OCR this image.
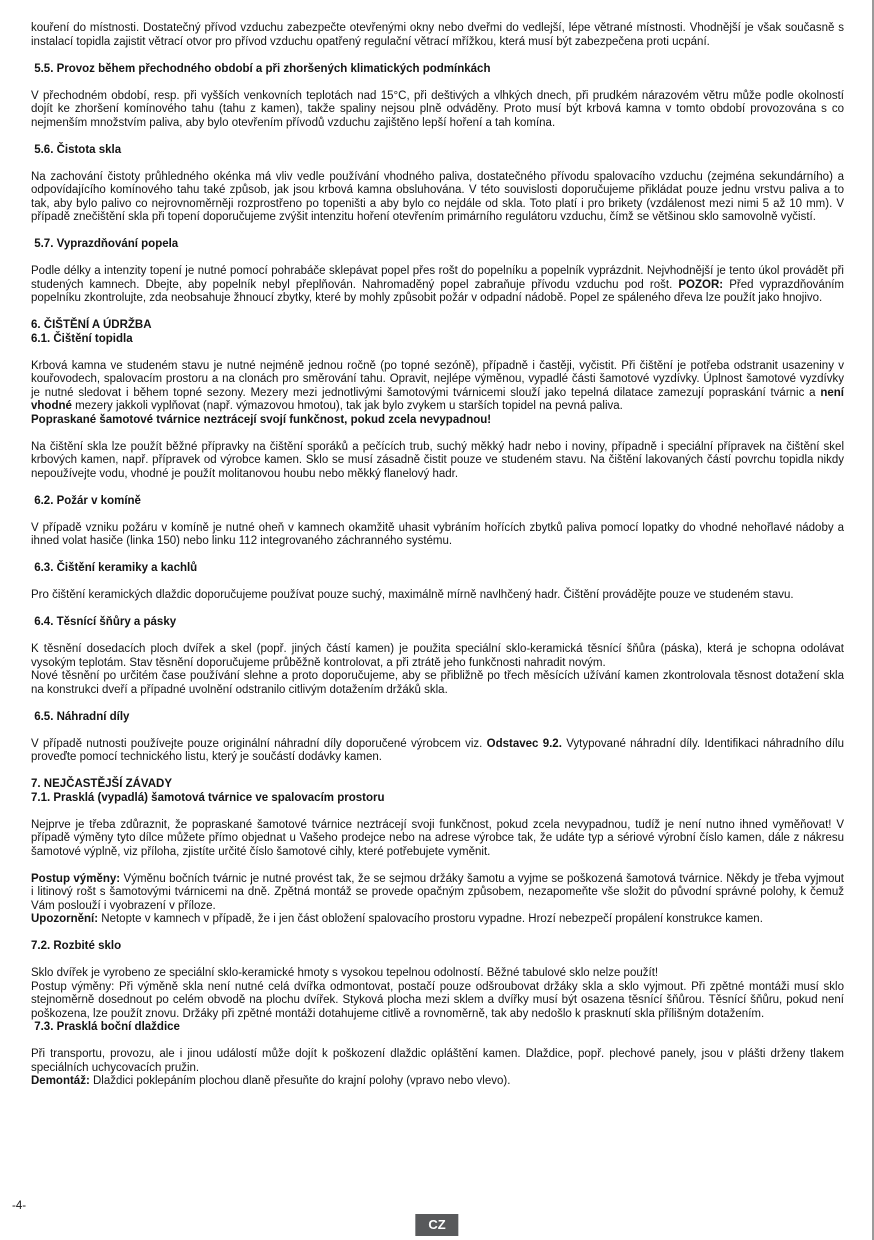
kouření do místnosti. Dostatečný přívod vzduchu zabezpečte otevřenými okny nebo dveřmi do vedlejší, lépe větrané místnosti. Vhodnější je však současně s instalací topidla zajistit větrací otvor pro přívod vzduchu opatřený regulační větrací mřížkou, která musí být zabezpečena proti ucpání.

5.5. Provoz během přechodného období a při zhoršených klimatických podmínkách

V přechodném období, resp. při vyšších venkovních teplotách nad 15°C, při deštivých a vlhkých dnech, při prudkém nárazovém větru může podle okolností dojít ke zhoršení komínového tahu (tahu z kamen), takže spaliny nejsou plně odváděny. Proto musí být krbová kamna v tomto období provozována s co nejmenším množstvím paliva, aby bylo otevřením přívodů vzduchu zajištěno lepší hoření a tah komína.

5.6. Čistota skla

Na zachování čistoty průhledného okénka má vliv vedle používání vhodného paliva, dostatečného přívodu spalovacího vzduchu (zejména sekundárního) a odpovídajícího komínového tahu také způsob, jak jsou krbová kamna obsluhována. V této souvislosti doporučujeme přikládat pouze jednu vrstvu paliva a to tak, aby bylo palivo co nejrovnoměrněji rozprostřeno po topeništi a aby bylo co nejdále od skla. Toto platí i pro brikety (vzdálenost mezi nimi 5 až 10 mm). V případě znečištění skla při topení doporučujeme zvýšit intenzitu hoření otevřením primárního regulátoru vzduchu, čímž se většinou sklo samovolně vyčistí.

5.7. Vyprazdňování popela

Podle délky a intenzity topení je nutné pomocí pohrabáče sklepávat popel přes rošt do popelníku a popelník vyprázdnit. Nejvhodnější je tento úkol provádět při studených kamnech. Dbejte, aby popelník nebyl přeplňován. Nahromaděný popel zabraňuje přívodu vzduchu pod rošt. POZOR: Před vyprazdňováním popelníku zkontrolujte, zda neobsahuje žhnoucí zbytky, které by mohly způsobit požár v odpadní nádobě. Popel ze spáleného dřeva lze použít jako hnojivo.

6. ČIŠTĚNÍ A ÚDRŽBA
6.1. Čištění topidla

Krbová kamna ve studeném stavu je nutné nejméně jednou ročně (po topné sezóně), případně i častěji, vyčistit. Při čištění je potřeba odstranit usazeniny v kouřovodech, spalovacím prostoru a na clonách pro směrování tahu. Opravit, nejlépe výměnou, vypadlé části šamotové vyzdívky. Úplnost šamotové vyzdívky je nutné sledovat i během topné sezony. Mezery mezi jednotlivými šamotovými tvárnicemi slouží jako tepelná dilatace zamezují popraskání tvárnic a není vhodné mezery jakkoli vyplňovat (např. výmazovou hmotou), tak jak bylo zvykem u starších topidel na pevná paliva.

Popraskané šamotové tvárnice neztrácejí svojí funkčnost, pokud zcela nevypadnou!

Na čištění skla lze použít běžné přípravky na čištění sporáků a pečících trub, suchý měkký hadr nebo i noviny, případně i speciální přípravek na čištění skel krbových kamen, např. přípravek od výrobce kamen. Sklo se musí zásadně čistit pouze ve studeném stavu. Na čištění lakovaných částí povrchu topidla nikdy nepoužívejte vodu, vhodné je použít molitanovou houbu nebo měkký flanelový hadr.

6.2. Požár v komíně

V případě vzniku požáru v komíně je nutné oheň v kamnech okamžitě uhasit vybráním hořících zbytků paliva pomocí lopatky do vhodné nehořlavé nádoby a ihned volat hasiče (linka 150) nebo linku 112 integrovaného záchranného systému.

6.3. Čištění keramiky a kachlů

Pro čištění keramických dlaždic doporučujeme používat pouze suchý, maximálně mírně navlhčený hadr. Čištění provádějte pouze ve studeném stavu.

6.4. Těsnící šňůry a pásky

K těsnění dosedacích ploch dvířek a skel (popř. jiných částí kamen) je použita speciální sklo-keramická těsnící šňůra (páska), která je schopna odolávat vysokým teplotám. Stav těsnění doporučujeme průběžně kontrolovat, a při ztrátě jeho funkčnosti nahradit novým.

Nové těsnění po určitém čase používání slehne a proto doporučujeme, aby se přibližně po třech měsících užívání kamen zkontrolovala těsnost dotažení skla na konstrukci dveří a případné uvolnění odstranilo citlivým dotažením držáků skla.

6.5. Náhradní díly

V případě nutnosti používejte pouze originální náhradní díly doporučené výrobcem viz. Odstavec 9.2. Vytypované náhradní díly. Identifikaci náhradního dílu proveďte pomocí technického listu, který je součástí dodávky kamen.

7. NEJČASTĚJŠÍ ZÁVADY
7.1. Prasklá (vypadlá) šamotová tvárnice ve spalovacím prostoru

Nejprve je třeba zdůraznit, že popraskané šamotové tvárnice neztrácejí svoji funkčnost, pokud zcela nevypadnou, tudíž je není nutno ihned vyměňovat! V případě výměny tyto dílce můžete přímo objednat u Vašeho prodejce nebo na adrese výrobce tak, že udáte typ a sériové výrobní číslo kamen, dále z nákresu šamotové výplně, viz příloha, zjistíte určité číslo šamotové cihly, které potřebujete vyměnit.

Postup výměny: Výměnu bočních tvárnic je nutné provést tak, že se sejmou držáky šamotu a vyjme se poškozená šamotová tvárnice. Někdy je třeba vyjmout i litinový rošt s šamotovými tvárnicemi na dně. Zpětná montáž se provede opačným způsobem, nezapomeňte vše složit do původní správné polohy, k čemuž Vám poslouží i vyobrazení v příloze.

Upozornění: Netopte v kamnech v případě, že i jen část obložení spalovacího prostoru vypadne. Hrozí nebezpečí propálení konstrukce kamen.

7.2. Rozbité sklo

Sklo dvířek je vyrobeno ze speciální sklo-keramické hmoty s vysokou tepelnou odolností. Běžné tabulové sklo nelze použít!

Postup výměny: Při výměně skla není nutné celá dvířka odmontovat, postačí pouze odšroubovat držáky skla a sklo vyjmout. Při zpětné montáži musí sklo stejnoměrně dosednout po celém obvodě na plochu dvířek. Styková plocha mezi sklem a dvířky musí být osazena těsnící šňůrou. Těsnící šňůru, pokud není poškozena, lze použít znovu. Držáky při zpětné montáži dotahujeme citlivě a rovnoměrně, tak aby nedošlo k prasknutí skla přílišným dotažením.

7.3. Prasklá boční dlaždice

Při transportu, provozu, ale i jinou událostí může dojít k poškození dlaždic opláštění kamen. Dlaždice, popř. plechové panely, jsou v plášti drženy tlakem speciálních uchycovacích pružin.

Demontáž: Dlaždici poklepáním plochou dlaně přesuňte do krajní polohy (vpravo nebo vlevo).

-4-
CZ
